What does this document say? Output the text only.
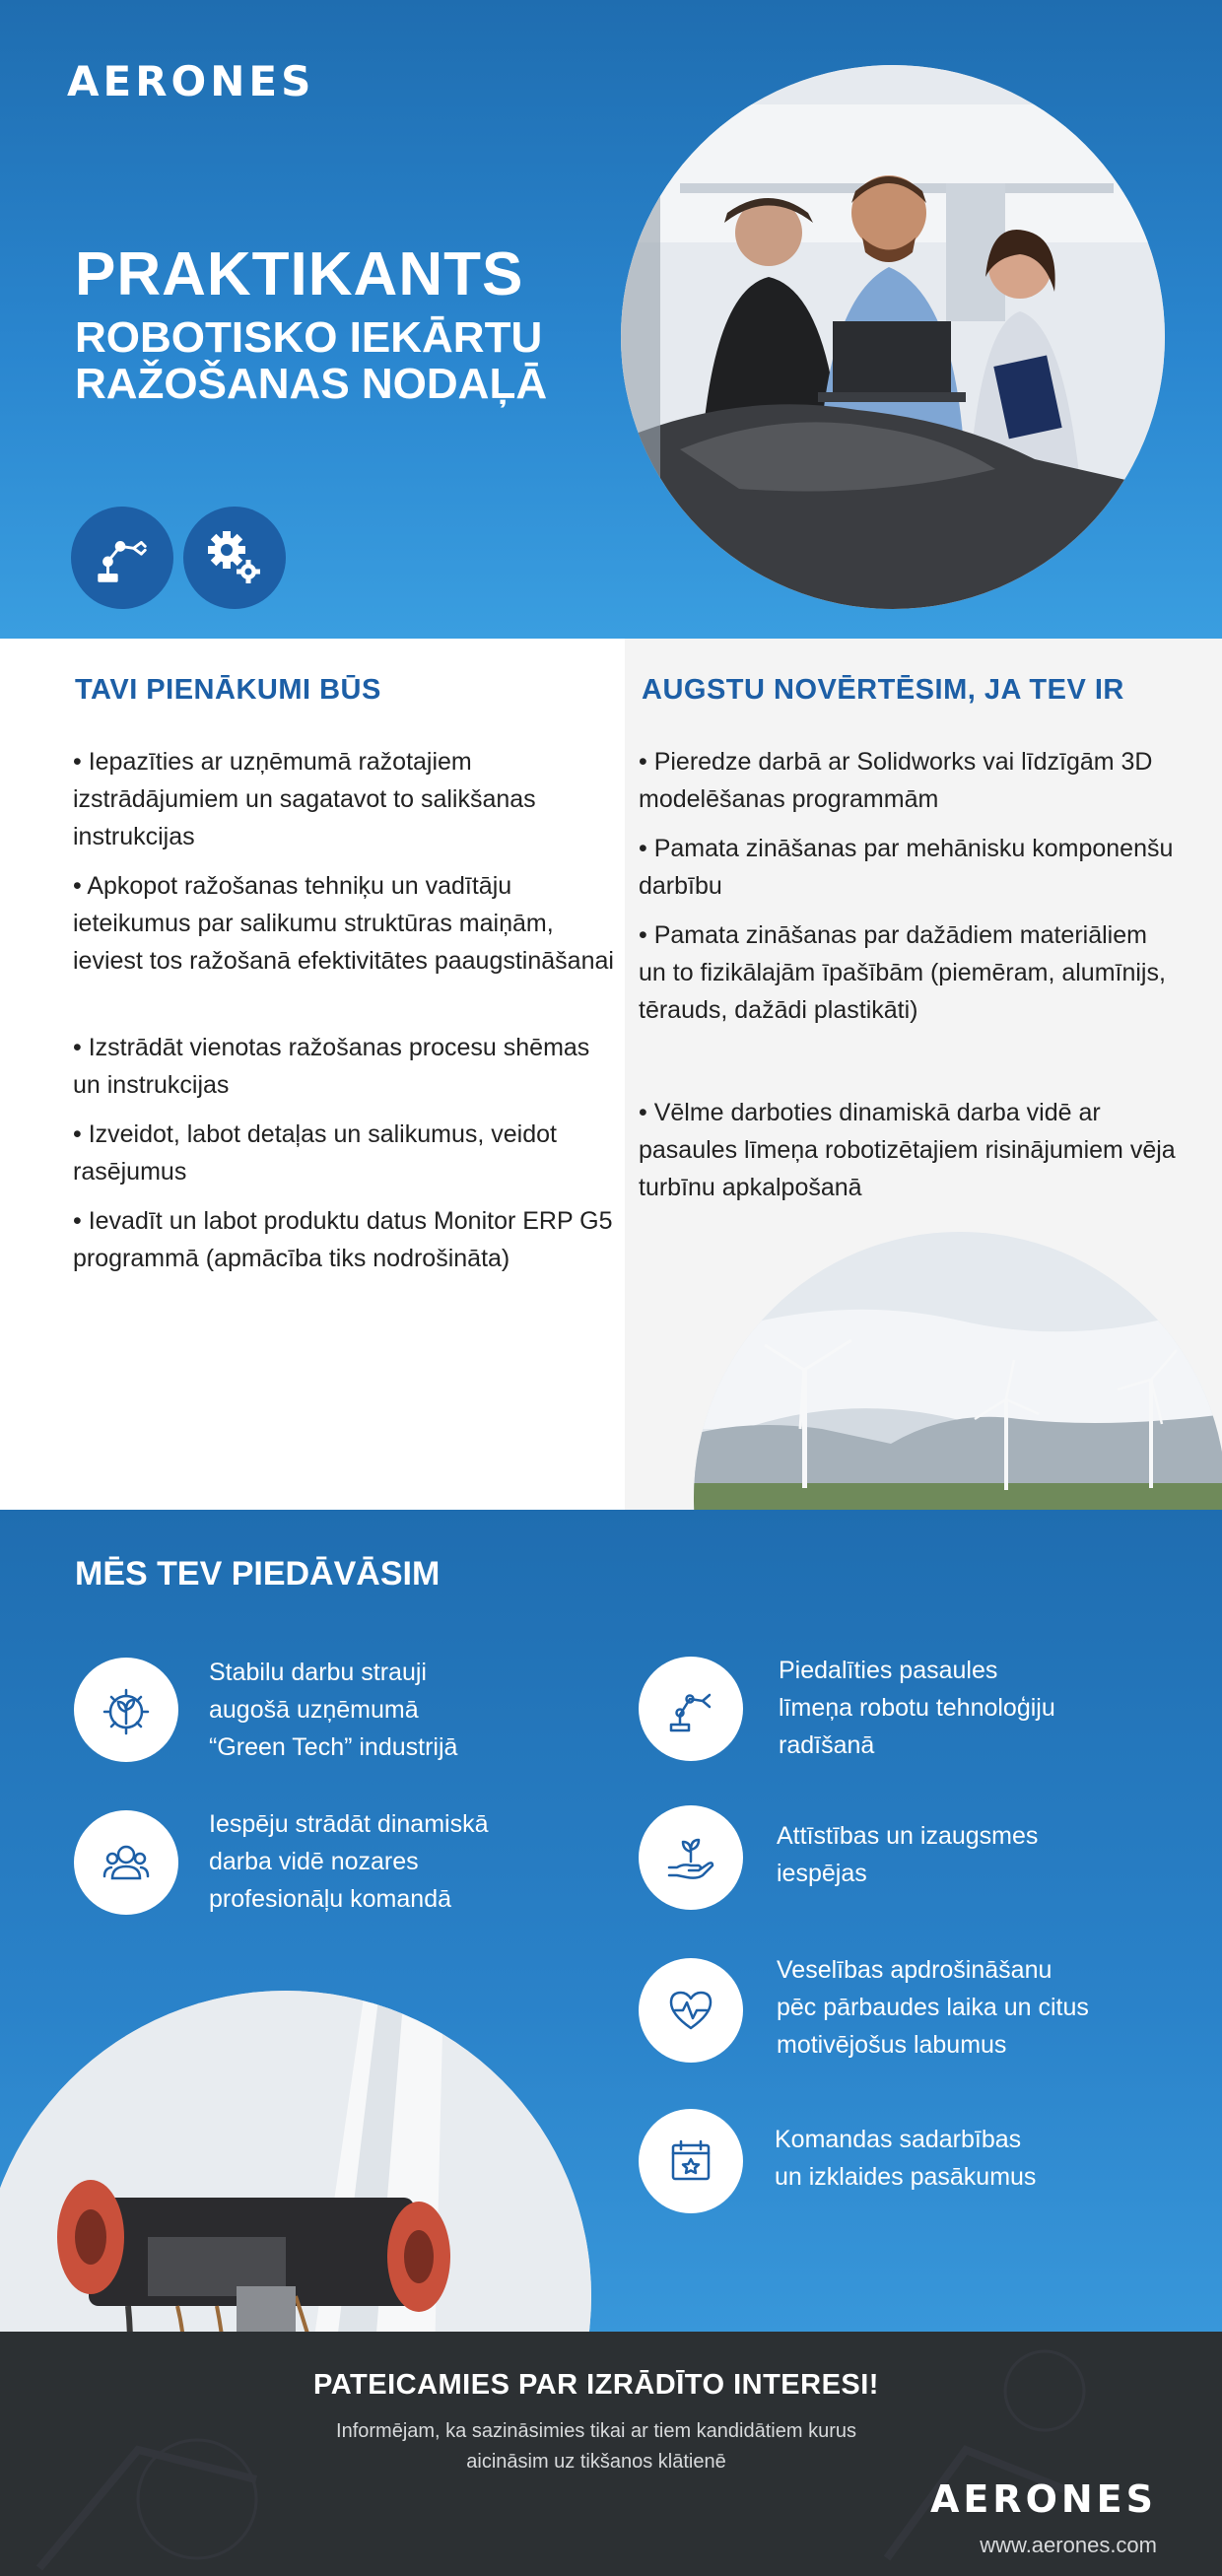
AERONES
PRAKTIKANTS
ROBOTISKO IEKĀRTU RAŽOŠANAS NODAĻĀ
TAVI PIENĀKUMI BŪS
• Iepazīties ar uzņēmumā ražotajiem izstrādājumiem un sagatavot to salikšanas instrukcijas
• Apkopot ražošanas tehniķu un vadītāju ieteikumus par salikumu struktūras maiņām, ieviest tos ražošanā efektivitātes paaugstināšanai
• Izstrādāt vienotas ražošanas procesu shēmas un instrukcijas
• Izveidot, labot detaļas un salikumus, veidot rasējumus
• Ievadīt un labot produktu datus Monitor ERP G5 programmā (apmācība tiks nodrošināta)
AUGSTU NOVĒRTĒSIM, JA TEV IR
• Pieredze darbā ar Solidworks vai līdzīgām 3D modelēšanas programmām
• Pamata zināšanas par mehānisku komponenšu darbību
• Pamata zināšanas par dažādiem materiāliem un to fizikālajām īpašībām (piemēram, alumīnijs, tērauds, dažādi plastikāti)
• Vēlme darboties dinamiskā darba vidē ar pasaules līmeņa robotizētajiem risinājumiem vēja turbīnu apkalpošanā
MĒS TEV PIEDĀVĀSIM
Stabilu darbu strauji
augošā uzņēmumā
“Green Tech” industrijā
Iespēju strādāt dinamiskā
darba vidē nozares
profesionāļu komandā
Piedalīties pasaules
līmeņa robotu tehnoloģiju
radīšanā
Attīstības un izaugsmes
iespējas
Veselības apdrošināšanu
pēc pārbaudes laika un citus
motivējošus labumus
Komandas sadarbības
un izklaides pasākumus
PATEICAMIES PAR IZRĀDĪTO INTERESI!
Informējam, ka sazināsimies tikai ar tiem kandidātiem kurus
aicināsim uz tikšanos klātienē
AERONES
www.aerones.com
